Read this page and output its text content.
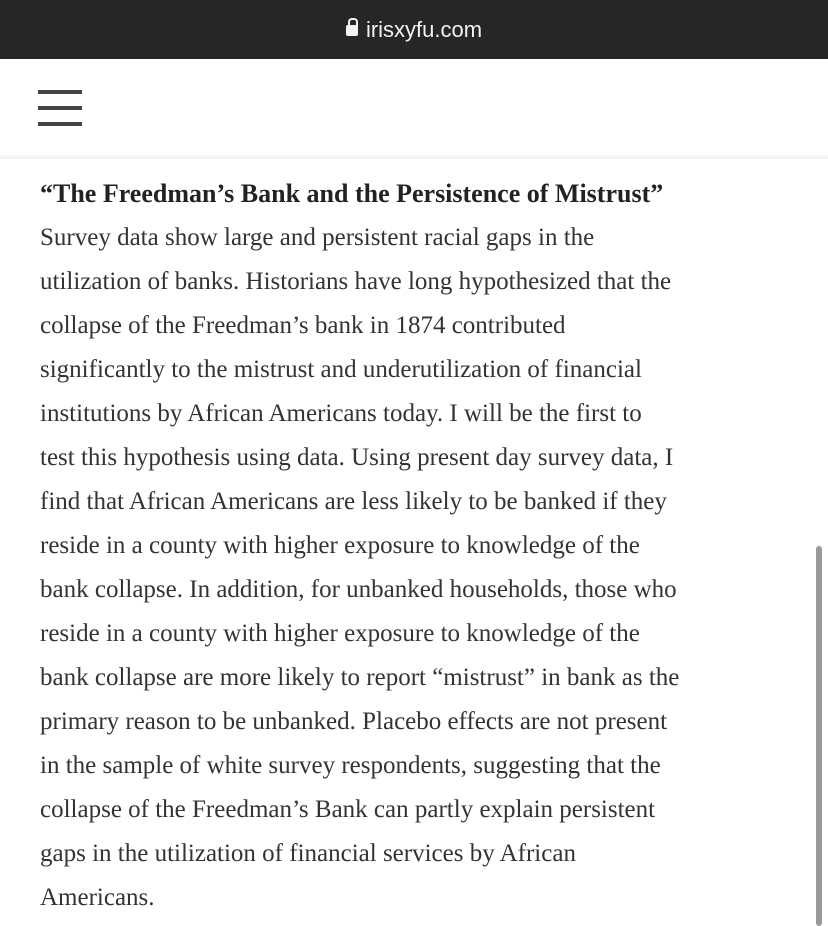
irisxyfu.com
“The Freedman’s Bank and the Persistence of Mistrust”
Survey data show large and persistent racial gaps in the
utilization of banks. Historians have long hypothesized that the
collapse of the Freedman’s bank in 1874 contributed
significantly to the mistrust and underutilization of financial
institutions by African Americans today. I will be the first to
test this hypothesis using data. Using present day survey data, I
find that African Americans are less likely to be banked if they
reside in a county with higher exposure to knowledge of the
bank collapse. In addition, for unbanked households, those who
reside in a county with higher exposure to knowledge of the
bank collapse are more likely to report “mistrust” in bank as the
primary reason to be unbanked. Placebo effects are not present
in the sample of white survey respondents, suggesting that the
collapse of the Freedman’s Bank can partly explain persistent
gaps in the utilization of financial services by African
Americans.
